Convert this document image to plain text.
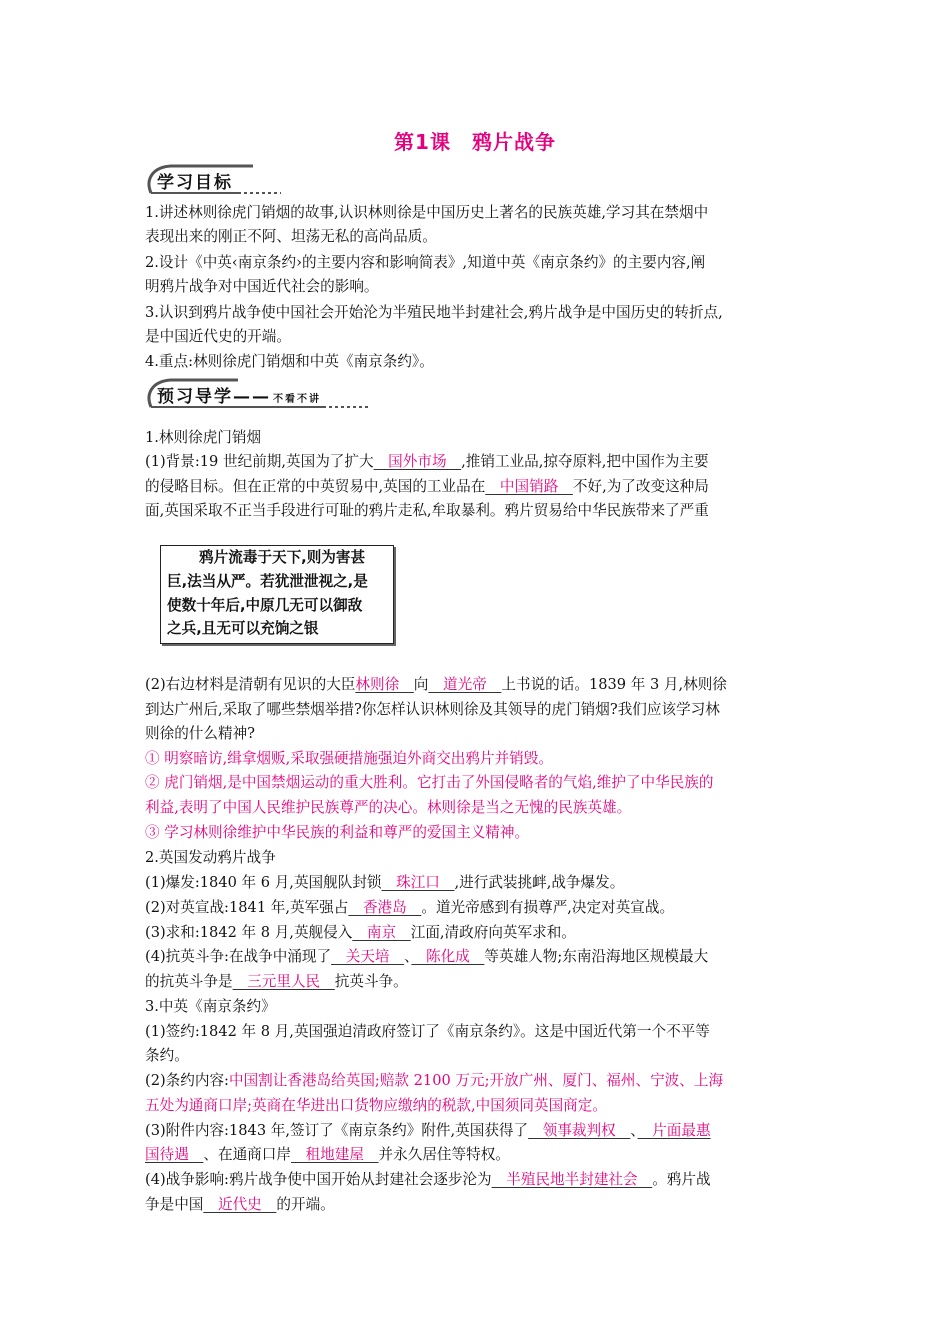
第1课　鸦片战争
学习目标
1.讲述林则徐虎门销烟的故事,认识林则徐是中国历史上著名的民族英雄,学习其在禁烟中
表现出来的刚正不阿、坦荡无私的高尚品质。
2.设计《中英‹南京条约›的主要内容和影响简表》,知道中英《南京条约》的主要内容,阐
明鸦片战争对中国近代社会的影响。
3.认识到鸦片战争使中国社会开始沦为半殖民地半封建社会,鸦片战争是中国历史的转折点,
是中国近代史的开端。
4.重点:林则徐虎门销烟和中英《南京条约》。
预习导学—— 不看不讲
1.林则徐虎门销烟
(1)背景:19 世纪前期,英国为了扩大　国外市场　,推销工业品,掠夺原料,把中国作为主要
的侵略目标。但在正常的中英贸易中,英国的工业品在　中国销路　不好,为了改变这种局
面,英国采取不正当手段进行可耻的鸦片走私,牟取暴利。鸦片贸易给中华民族带来了严重
鸦片流毒于天下,则为害甚
巨,法当从严。若犹泄泄视之,是
使数十年后,中原几无可以御敌
之兵,且无可以充饷之银
(2)右边材料是清朝有见识的大臣林则徐　向　道光帝　上书说的话。1839 年 3 月,林则徐
到达广州后,采取了哪些禁烟举措?你怎样认识林则徐及其领导的虎门销烟?我们应该学习林
则徐的什么精神?
① 明察暗访,缉拿烟贩,采取强硬措施强迫外商交出鸦片并销毁。
② 虎门销烟,是中国禁烟运动的重大胜利。它打击了外国侵略者的气焰,维护了中华民族的
利益,表明了中国人民维护民族尊严的决心。林则徐是当之无愧的民族英雄。
③ 学习林则徐维护中华民族的利益和尊严的爱国主义精神。
2.英国发动鸦片战争
(1)爆发:1840 年 6 月,英国舰队封锁　珠江口　,进行武装挑衅,战争爆发。
(2)对英宣战:1841 年,英军强占　香港岛　。道光帝感到有损尊严,决定对英宣战。
(3)求和:1842 年 8 月,英舰侵入　南京　江面,清政府向英军求和。
(4)抗英斗争:在战争中涌现了　关天培　、　陈化成　等英雄人物;东南沿海地区规模最大
的抗英斗争是　三元里人民　抗英斗争。
3.中英《南京条约》
(1)签约:1842 年 8 月,英国强迫清政府签订了《南京条约》。这是中国近代第一个不平等
条约。
(2)条约内容:中国割让香港岛给英国;赔款 2100 万元;开放广州、厦门、福州、宁波、上海
五处为通商口岸;英商在华进出口货物应缴纳的税款,中国须同英国商定。
(3)附件内容:1843 年,签订了《南京条约》附件,英国获得了　领事裁判权　、　片面最惠
国待遇　、在通商口岸　租地建屋　并永久居住等特权。
(4)战争影响:鸦片战争使中国开始从封建社会逐步沦为　半殖民地半封建社会　。鸦片战
争是中国　近代史　的开端。
